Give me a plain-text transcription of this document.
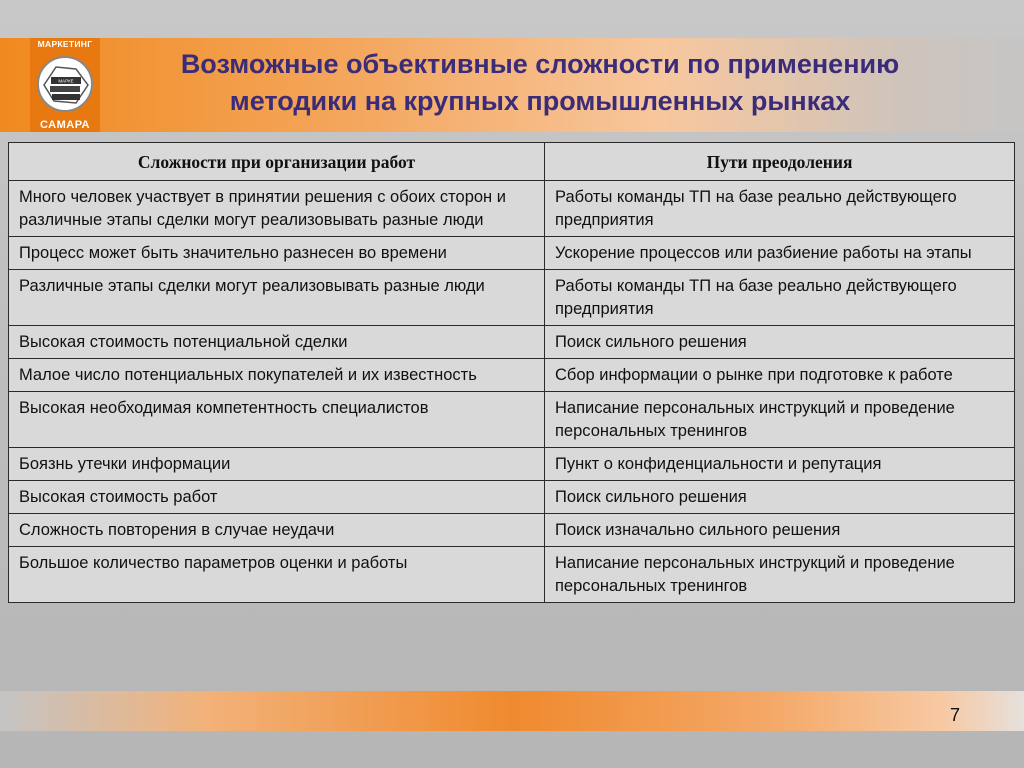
МАРКЕТИНГ
МАРКЕ
САМАРА
Возможные объективные сложности по применению
методики на крупных промышленных рынках
Сложности при организации работ	Пути преодоления
Много человек участвует в принятии решения с обоих сторон и различные этапы сделки могут реализовывать разные люди	Работы команды ТП на базе реально действующего предприятия
Процесс может быть значительно разнесен во времени	Ускорение процессов или разбиение работы на этапы
Различные этапы сделки могут реализовывать разные люди	Работы команды ТП на базе реально действующего предприятия
Высокая стоимость потенциальной сделки	Поиск сильного решения
Малое число потенциальных покупателей и их известность	Сбор информации о рынке при подготовке к работе
Высокая необходимая компетентность специалистов	Написание персональных инструкций и проведение персональных тренингов
Боязнь утечки информации	Пункт о конфиденциальности и репутация
Высокая стоимость работ	Поиск сильного решения
Сложность повторения в случае неудачи	Поиск изначально сильного решения
Большое количество параметров оценки и работы	Написание персональных инструкций и проведение персональных тренингов
7
